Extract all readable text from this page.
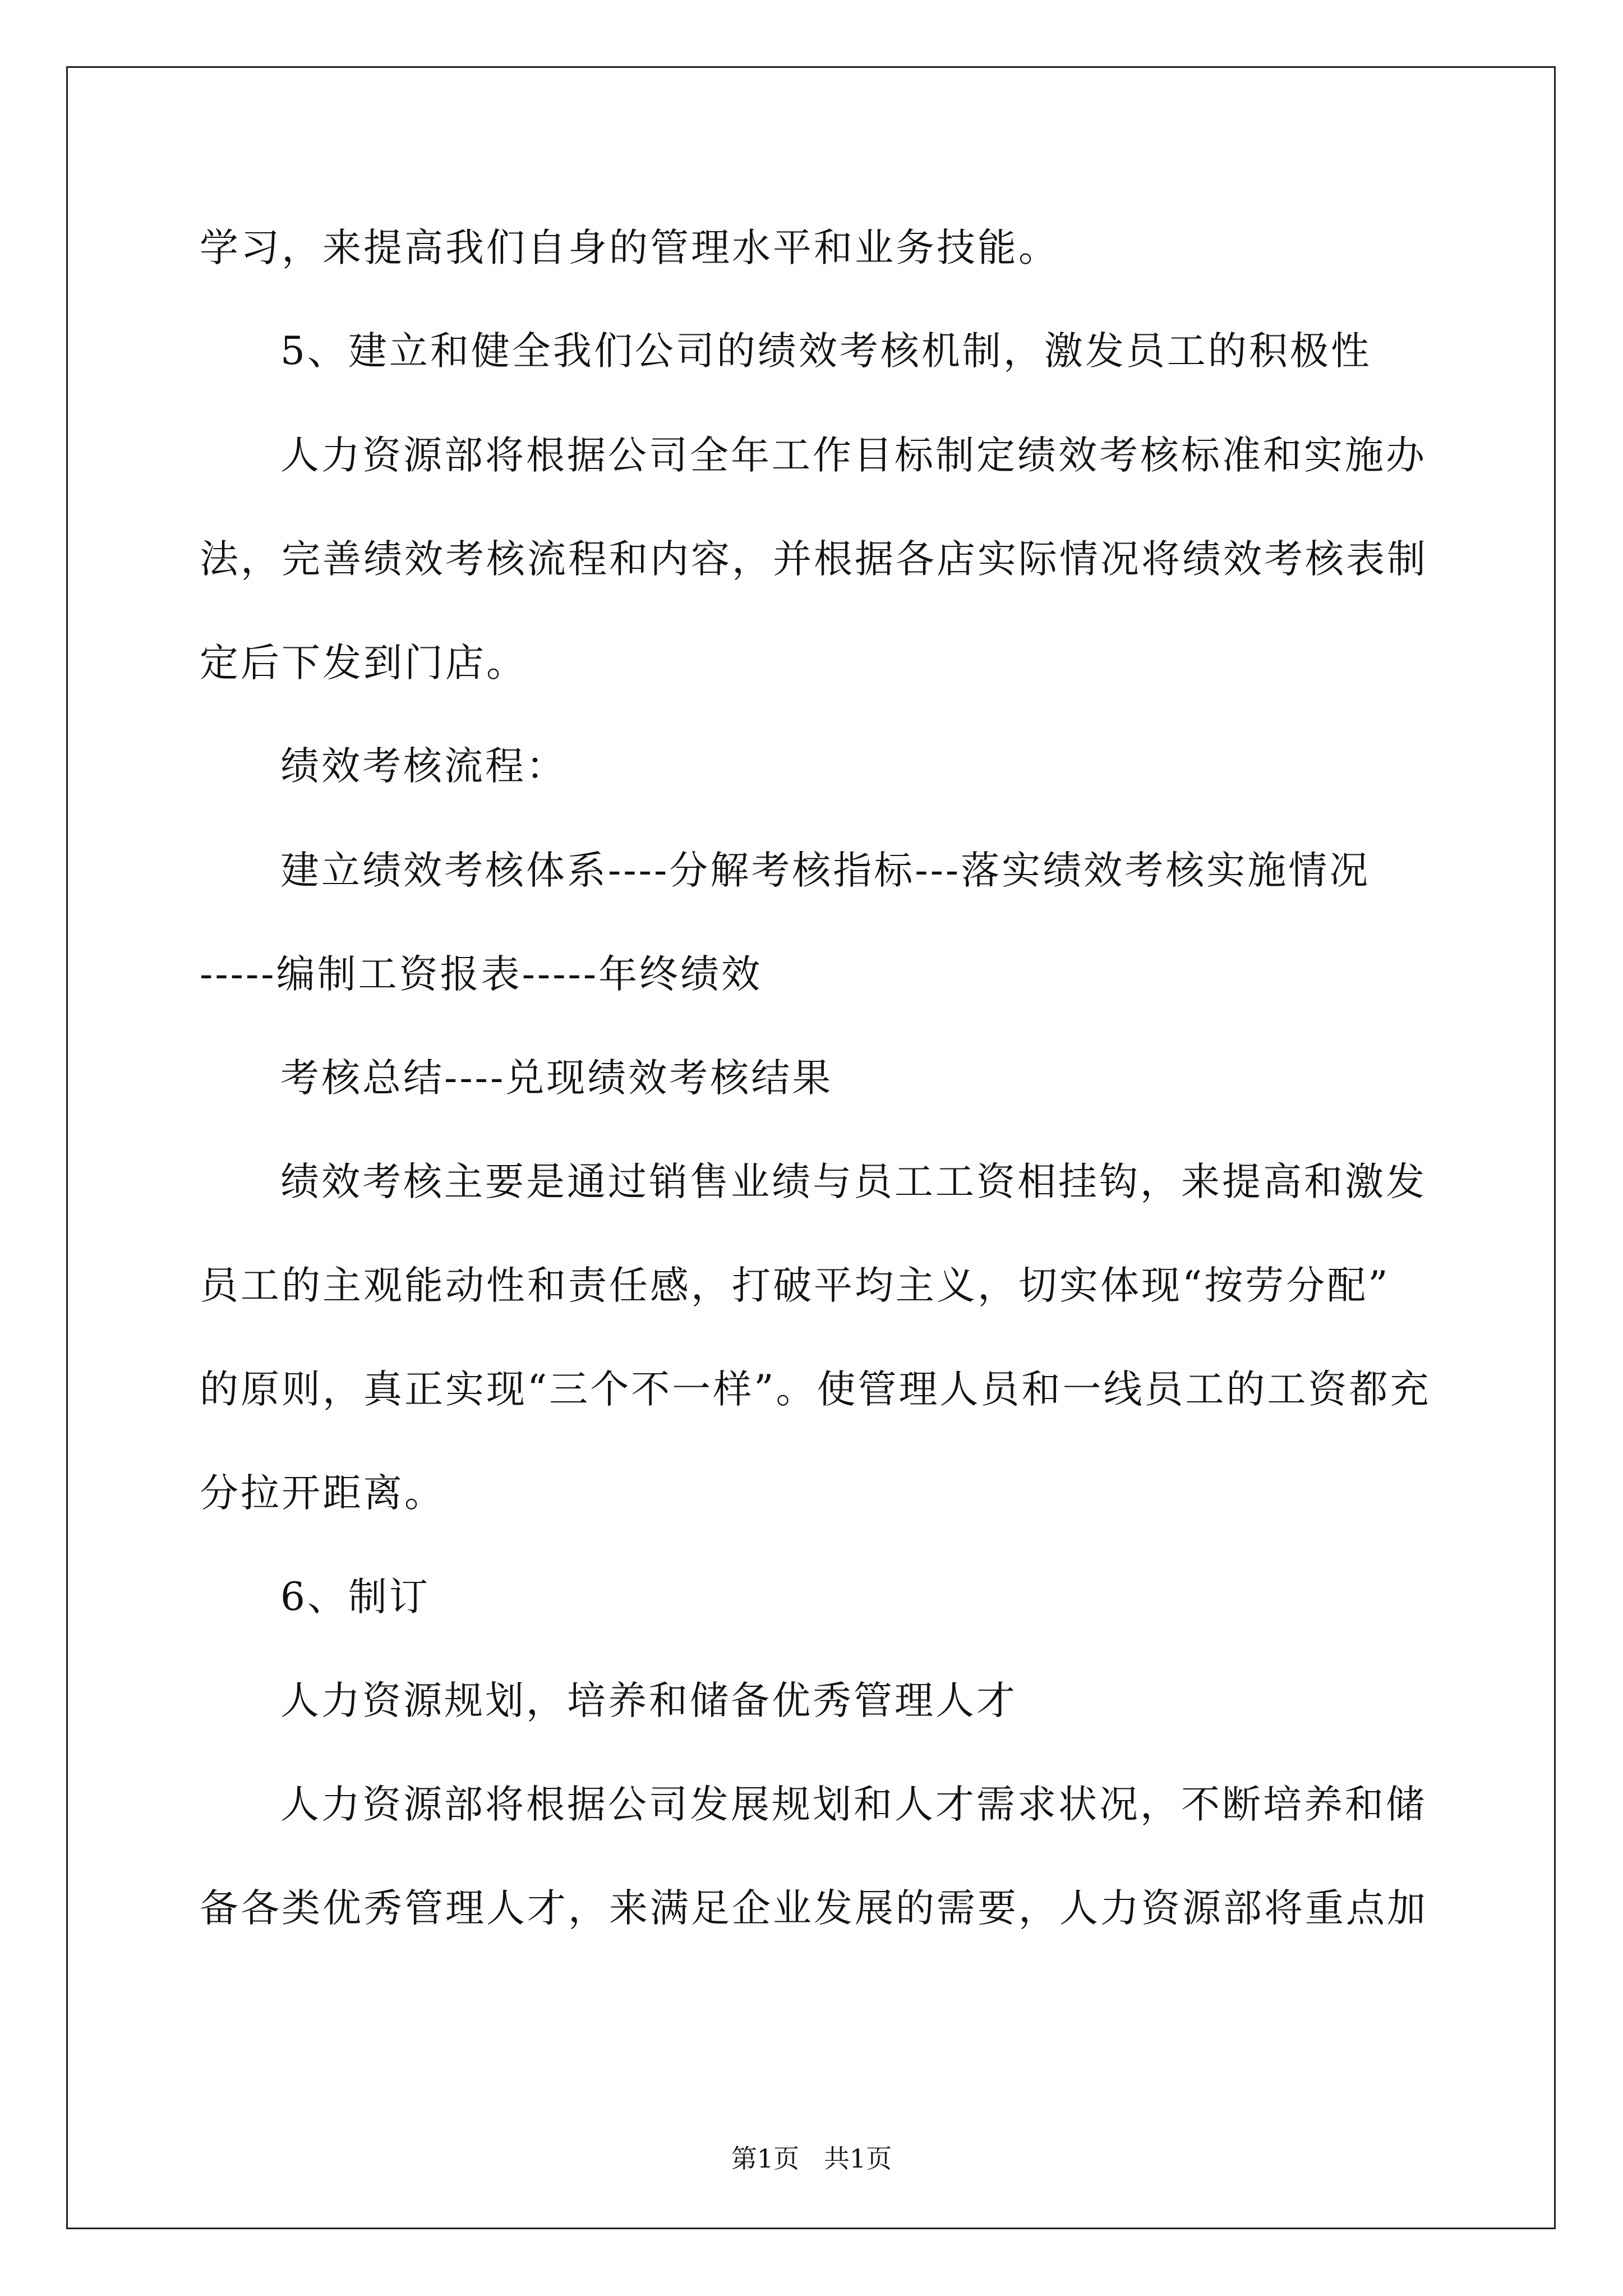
学习，来提高我们自身的管理水平和业务技能。
5、建立和健全我们公司的绩效考核机制，激发员工的积极性
人力资源部将根据公司全年工作目标制定绩效考核标准和实施办
法，完善绩效考核流程和内容，并根据各店实际情况将绩效考核表制
定后下发到门店。
绩效考核流程：
建立绩效考核体系----分解考核指标---落实绩效考核实施情况
-----编制工资报表-----年终绩效
考核总结----兑现绩效考核结果
绩效考核主要是通过销售业绩与员工工资相挂钩，来提高和激发
员工的主观能动性和责任感，打破平均主义，切实体现“按劳分配”
的原则，真正实现“三个不一样”。使管理人员和一线员工的工资都充
分拉开距离。
6、制订
人力资源规划，培养和储备优秀管理人才
人力资源部将根据公司发展规划和人才需求状况，不断培养和储
备各类优秀管理人才，来满足企业发展的需要，人力资源部将重点加
第1页   共1页
